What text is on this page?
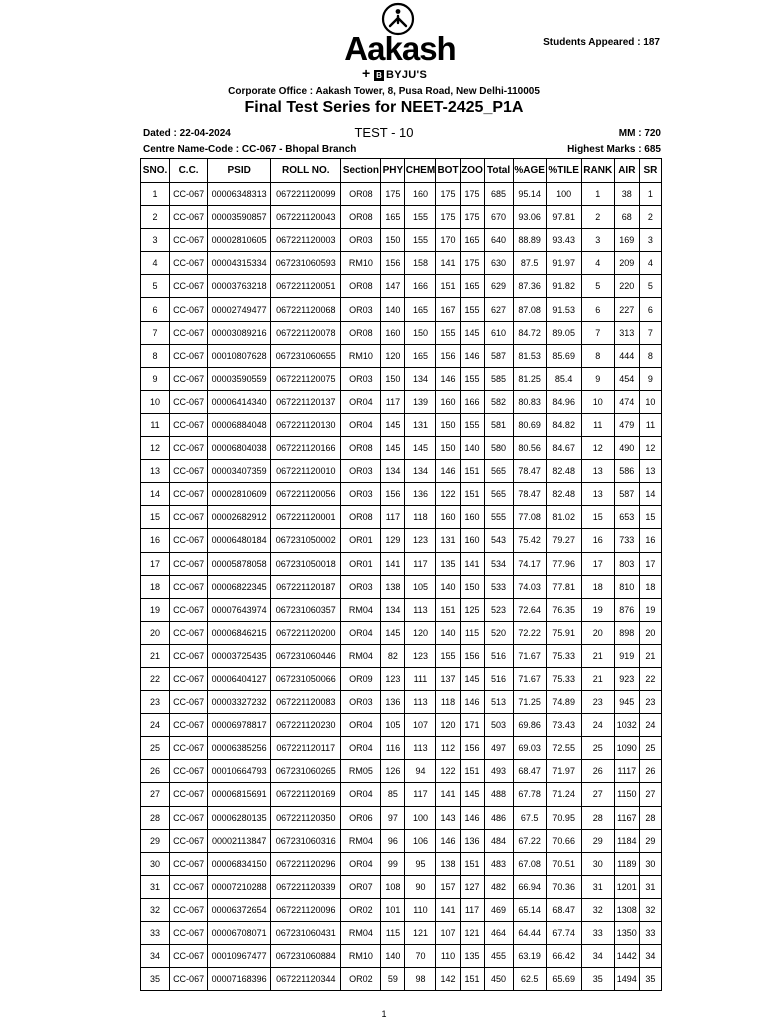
Aakash
+ B BYJU'S
Students Appeared : 187
Corporate Office : Aakash Tower, 8, Pusa Road, New Delhi-110005
Final Test Series for NEET-2425_P1A
Dated : 22-04-2024	TEST - 10	MM : 720
Centre Name-Code : CC-067 - Bhopal Branch	Highest Marks : 685
SNO.	C.C.	PSID	ROLL NO.	Section	PHY	CHEM	BOT	ZOO	Total	%AGE	%TILE	RANK	AIR	SR
1	CC-067	00006348313	067221120099	OR08	175	160	175	175	685	95.14	100	1	38	1
2	CC-067	00003590857	067221120043	OR08	165	155	175	175	670	93.06	97.81	2	68	2
3	CC-067	00002810605	067221120003	OR03	150	155	170	165	640	88.89	93.43	3	169	3
4	CC-067	00004315334	067231060593	RM10	156	158	141	175	630	87.5	91.97	4	209	4
5	CC-067	00003763218	067221120051	OR08	147	166	151	165	629	87.36	91.82	5	220	5
6	CC-067	00002749477	067221120068	OR03	140	165	167	155	627	87.08	91.53	6	227	6
7	CC-067	00003089216	067221120078	OR08	160	150	155	145	610	84.72	89.05	7	313	7
8	CC-067	00010807628	067231060655	RM10	120	165	156	146	587	81.53	85.69	8	444	8
9	CC-067	00003590559	067221120075	OR03	150	134	146	155	585	81.25	85.4	9	454	9
10	CC-067	00006414340	067221120137	OR04	117	139	160	166	582	80.83	84.96	10	474	10
11	CC-067	00006884048	067221120130	OR04	145	131	150	155	581	80.69	84.82	11	479	11
12	CC-067	00006804038	067221120166	OR08	145	145	150	140	580	80.56	84.67	12	490	12
13	CC-067	00003407359	067221120010	OR03	134	134	146	151	565	78.47	82.48	13	586	13
14	CC-067	00002810609	067221120056	OR03	156	136	122	151	565	78.47	82.48	13	587	14
15	CC-067	00002682912	067221120001	OR08	117	118	160	160	555	77.08	81.02	15	653	15
16	CC-067	00006480184	067231050002	OR01	129	123	131	160	543	75.42	79.27	16	733	16
17	CC-067	00005878058	067231050018	OR01	141	117	135	141	534	74.17	77.96	17	803	17
18	CC-067	00006822345	067221120187	OR03	138	105	140	150	533	74.03	77.81	18	810	18
19	CC-067	00007643974	067231060357	RM04	134	113	151	125	523	72.64	76.35	19	876	19
20	CC-067	00006846215	067221120200	OR04	145	120	140	115	520	72.22	75.91	20	898	20
21	CC-067	00003725435	067231060446	RM04	82	123	155	156	516	71.67	75.33	21	919	21
22	CC-067	00006404127	067231050066	OR09	123	111	137	145	516	71.67	75.33	21	923	22
23	CC-067	00003327232	067221120083	OR03	136	113	118	146	513	71.25	74.89	23	945	23
24	CC-067	00006978817	067221120230	OR04	105	107	120	171	503	69.86	73.43	24	1032	24
25	CC-067	00006385256	067221120117	OR04	116	113	112	156	497	69.03	72.55	25	1090	25
26	CC-067	00010664793	067231060265	RM05	126	94	122	151	493	68.47	71.97	26	1117	26
27	CC-067	00006815691	067221120169	OR04	85	117	141	145	488	67.78	71.24	27	1150	27
28	CC-067	00006280135	067221120350	OR06	97	100	143	146	486	67.5	70.95	28	1167	28
29	CC-067	00002113847	067231060316	RM04	96	106	146	136	484	67.22	70.66	29	1184	29
30	CC-067	00006834150	067221120296	OR04	99	95	138	151	483	67.08	70.51	30	1189	30
31	CC-067	00007210288	067221120339	OR07	108	90	157	127	482	66.94	70.36	31	1201	31
32	CC-067	00006372654	067221120096	OR02	101	110	141	117	469	65.14	68.47	32	1308	32
33	CC-067	00006708071	067231060431	RM04	115	121	107	121	464	64.44	67.74	33	1350	33
34	CC-067	00010967477	067231060884	RM10	140	70	110	135	455	63.19	66.42	34	1442	34
35	CC-067	00007168396	067221120344	OR02	59	98	142	151	450	62.5	65.69	35	1494	35
1
